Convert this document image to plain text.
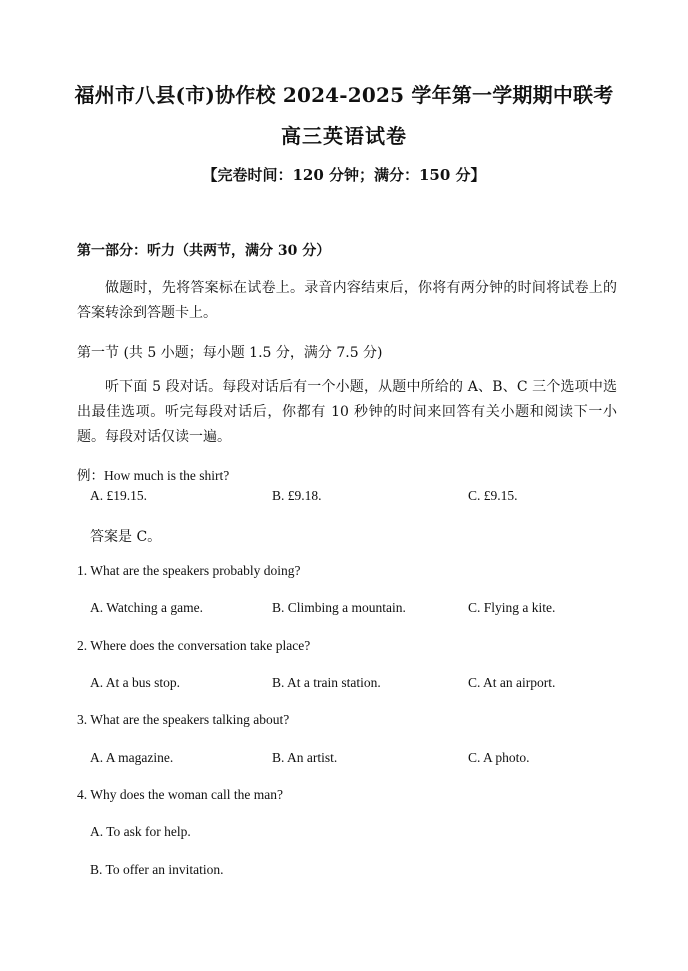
福州市八县(市)协作校 2024-2025 学年第一学期期中联考
高三英语试卷
【完卷时间：120 分钟；满分：150 分】
第一部分：听力（共两节，满分 30 分）
做题时，先将答案标在试卷上。录音内容结束后，你将有两分钟的时间将试卷上的答案转涂到答题卡上。
第一节 (共 5 小题；每小题 1.5 分，满分 7.5 分)
听下面 5 段对话。每段对话后有一个小题，从题中所给的 A、B、C 三个选项中选出最佳选项。听完每段对话后，你都有 10 秒钟的时间来回答有关小题和阅读下一小题。每段对话仅读一遍。
例：How much is the shirt?
A. £19.15.	B. £9.18.	C. £9.15.
答案是 C。
1. What are the speakers probably doing?
A. Watching a game.	B. Climbing a mountain.	C. Flying a kite.
2. Where does the conversation take place?
A. At a bus stop.	B. At a train station.	C. At an airport.
3. What are the speakers talking about?
A. A magazine.	B. An artist.	C. A photo.
4. Why does the woman call the man?
A. To ask for help.
B. To offer an invitation.
